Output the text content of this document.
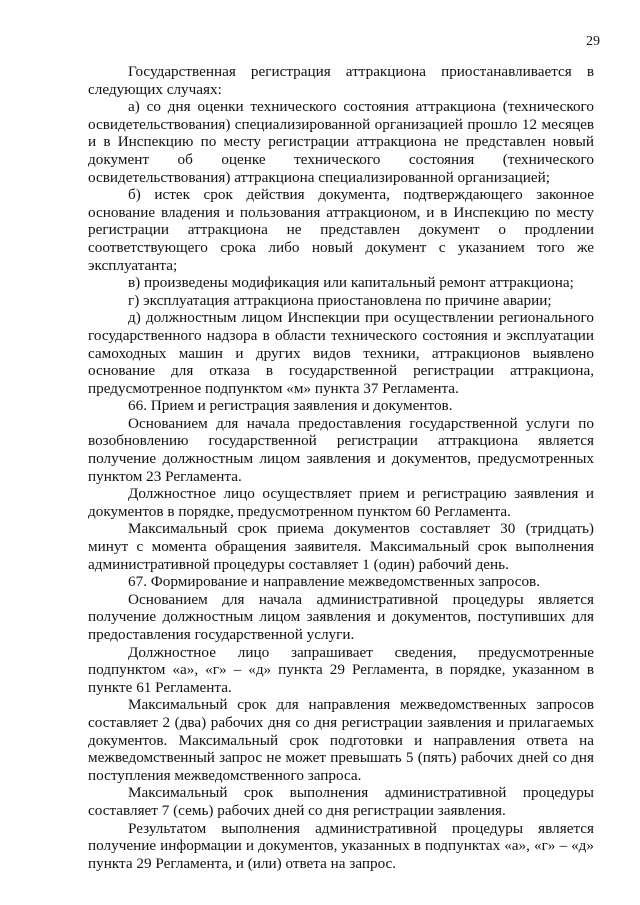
29

Государственная регистрация аттракциона приостанавливается в следующих случаях:

а) со дня оценки технического состояния аттракциона (технического освидетельствования) специализированной организацией прошло 12 месяцев и в Инспекцию по месту регистрации аттракциона не представлен новый документ об оценке технического состояния (технического освидетельствования) аттракциона специализированной организацией;

б) истек срок действия документа, подтверждающего законное основание владения и пользования аттракционом, и в Инспекцию по месту регистрации аттракциона не представлен документ о продлении соответствующего срока либо новый документ с указанием того же эксплуатанта;

в) произведены модификация или капитальный ремонт аттракциона;

г) эксплуатация аттракциона приостановлена по причине аварии;

д) должностным лицом Инспекции при осуществлении регионального государственного надзора в области технического состояния и эксплуатации самоходных машин и других видов техники, аттракционов выявлено основание для отказа в государственной регистрации аттракциона, предусмотренное подпунктом «м» пункта 37 Регламента.

66. Прием и регистрация заявления и документов.

Основанием для начала предоставления государственной услуги по возобновлению государственной регистрации аттракциона является получение должностным лицом заявления и документов, предусмотренных пунктом 23 Регламента.

Должностное лицо осуществляет прием и регистрацию заявления и документов в порядке, предусмотренном пунктом 60 Регламента.

Максимальный срок приема документов составляет 30 (тридцать) минут с момента обращения заявителя. Максимальный срок выполнения административной процедуры составляет 1 (один) рабочий день.

67. Формирование и направление межведомственных запросов.

Основанием для начала административной процедуры является получение должностным лицом заявления и документов, поступивших для предоставления государственной услуги.

Должностное лицо запрашивает сведения, предусмотренные подпунктом «а», «г» – «д» пункта 29 Регламента, в порядке, указанном в пункте 61 Регламента.

Максимальный срок для направления межведомственных запросов составляет 2 (два) рабочих дня со дня регистрации заявления и прилагаемых документов. Максимальный срок подготовки и направления ответа на межведомственный запрос не может превышать 5 (пять) рабочих дней со дня поступления межведомственного запроса.

Максимальный срок выполнения административной процедуры составляет 7 (семь) рабочих дней со дня регистрации заявления.

Результатом выполнения административной процедуры является получение информации и документов, указанных в подпунктах «а», «г» – «д» пункта 29 Регламента, и (или) ответа на запрос.
